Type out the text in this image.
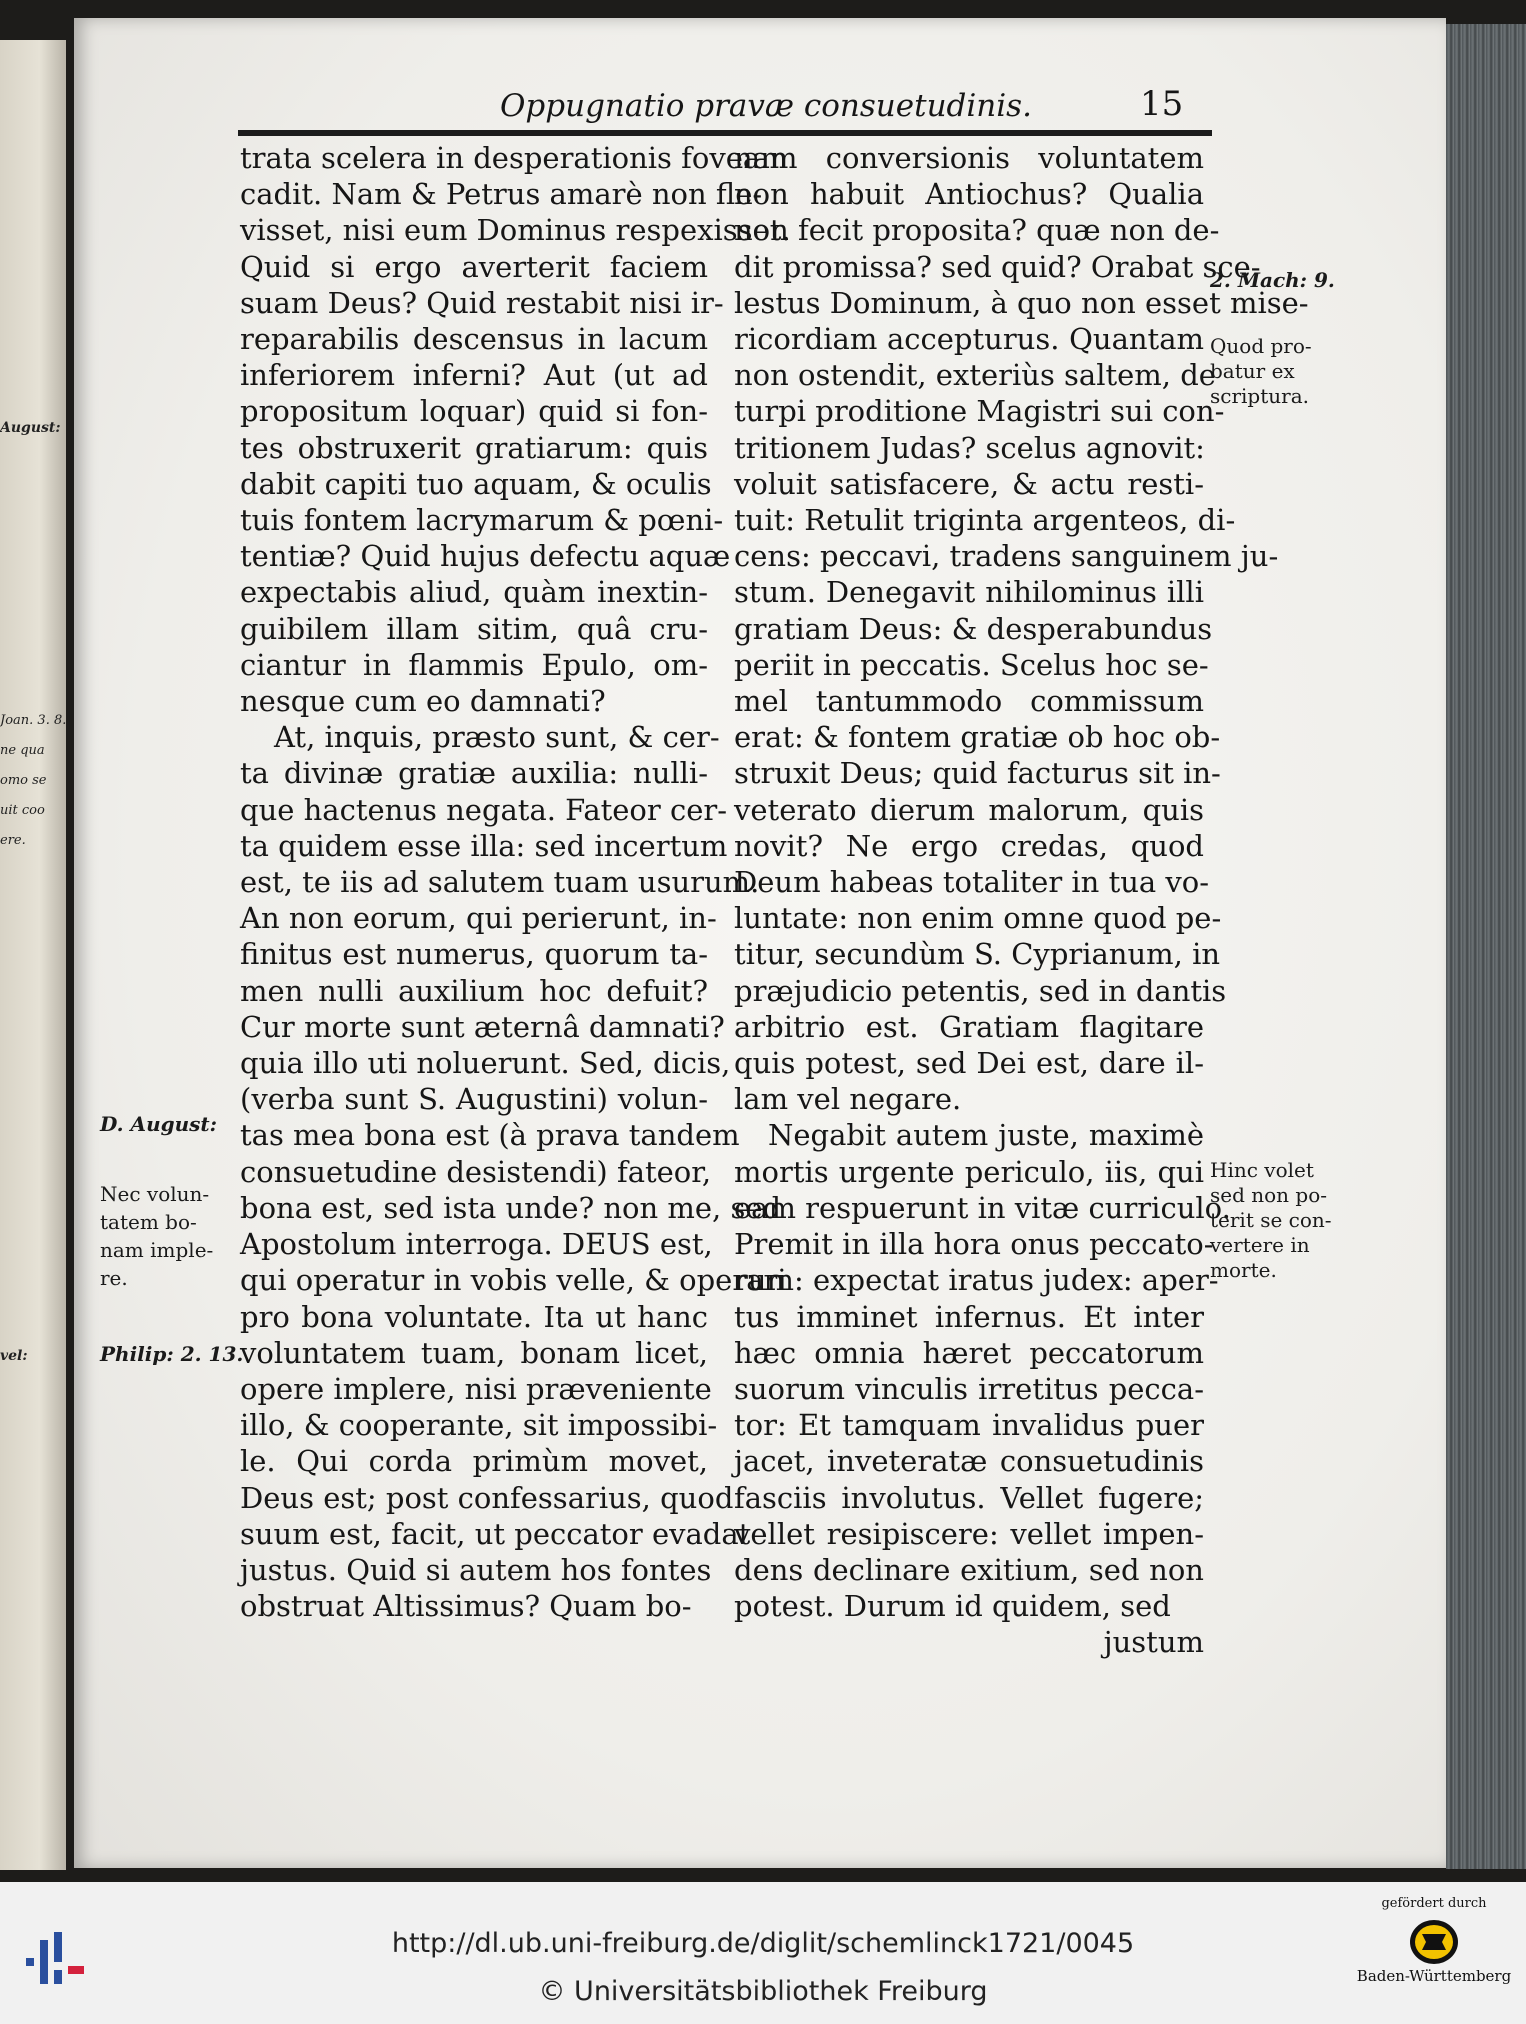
August:
Joan. 3. 8.
ne qua
omo se
uit coo
ere.
vel:
Oppugnatio pravæ consuetudinis.	15
trata scelera in desperationis foveam
cadit. Nam & Petrus amarè non fle-
visset, nisi eum Dominus respexisset.
Quid si ergo averterit faciem
suam Deus? Quid restabit nisi ir-
reparabilis descensus in lacum
inferiorem inferni? Aut (ut ad
propositum loquar) quid si fon-
tes obstruxerit gratiarum: quis
dabit capiti tuo aquam, & oculis
tuis fontem lacrymarum & pœni-
tentiæ? Quid hujus defectu aquæ
expectabis aliud, quàm inextin-
guibilem illam sitim, quâ cru-
ciantur in flammis Epulo, om-
nesque cum eo damnati?
At, inquis, præsto sunt, & cer-
ta divinæ gratiæ auxilia: nulli-
que hactenus negata. Fateor cer-
ta quidem esse illa: sed incertum
est, te iis ad salutem tuam usurum.
An non eorum, qui perierunt, in-
finitus est numerus, quorum ta-
men nulli auxilium hoc defuit?
Cur morte sunt æternâ damnati?
quia illo uti noluerunt. Sed, dicis,
(verba sunt S. Augustini) volun-
tas mea bona est (à prava tandem
consuetudine desistendi) fateor,
bona est, sed ista unde? non me, sed
Apostolum interroga. DEUS est,
qui operatur in vobis velle, & operari
pro bona voluntate. Ita ut hanc
voluntatem tuam, bonam licet,
opere implere, nisi præveniente
illo, & cooperante, sit impossibi-
le. Qui corda primùm movet,
Deus est; post confessarius, quod
suum est, facit, ut peccator evadat
justus. Quid si autem hos fontes
obstruat Altissimus? Quam bo-
nam conversionis voluntatem
non habuit Antiochus? Qualia
non fecit proposita? quæ non de-
dit promissa? sed quid? Orabat sce-
lestus Dominum, à quo non esset mise-
ricordiam accepturus. Quantam
non ostendit, exteriùs saltem, de
turpi proditione Magistri sui con-
tritionem Judas? scelus agnovit:
voluit satisfacere, & actu resti-
tuit: Retulit triginta argenteos, di-
cens: peccavi, tradens sanguinem ju-
stum. Denegavit nihilominus illi
gratiam Deus: & desperabundus
periit in peccatis. Scelus hoc se-
mel tantummodo commissum
erat: & fontem gratiæ ob hoc ob-
struxit Deus; quid facturus sit in-
veterato dierum malorum, quis
novit? Ne ergo credas, quod
Deum habeas totaliter in tua vo-
luntate: non enim omne quod pe-
titur, secundùm S. Cyprianum, in
præjudicio petentis, sed in dantis
arbitrio est. Gratiam flagitare
quis potest, sed Dei est, dare il-
lam vel negare.
Negabit autem juste, maximè
mortis urgente periculo, iis, qui
eam respuerunt in vitæ curriculo.
Premit in illa hora onus peccato-
rum: expectat iratus judex: aper-
tus imminet infernus. Et inter
hæc omnia hæret peccatorum
suorum vinculis irretitus pecca-
tor: Et tamquam invalidus puer
jacet, inveteratæ consuetudinis
fasciis involutus. Vellet fugere;
vellet resipiscere: vellet impen-
dens declinare exitium, sed non
potest. Durum id quidem, sed
justum
D. August:
Nec volun-
tatem bo-
nam imple-
re.
Philip: 2. 13.
2. Mach: 9.
Quod pro-
batur ex
scriptura.
Hinc volet
sed non po-
terit se con-
vertere in
morte.
http://dl.ub.uni-freiburg.de/diglit/schemlinck1721/0045
© Universitätsbibliothek Freiburg
gefördert durch
Baden-Württemberg
